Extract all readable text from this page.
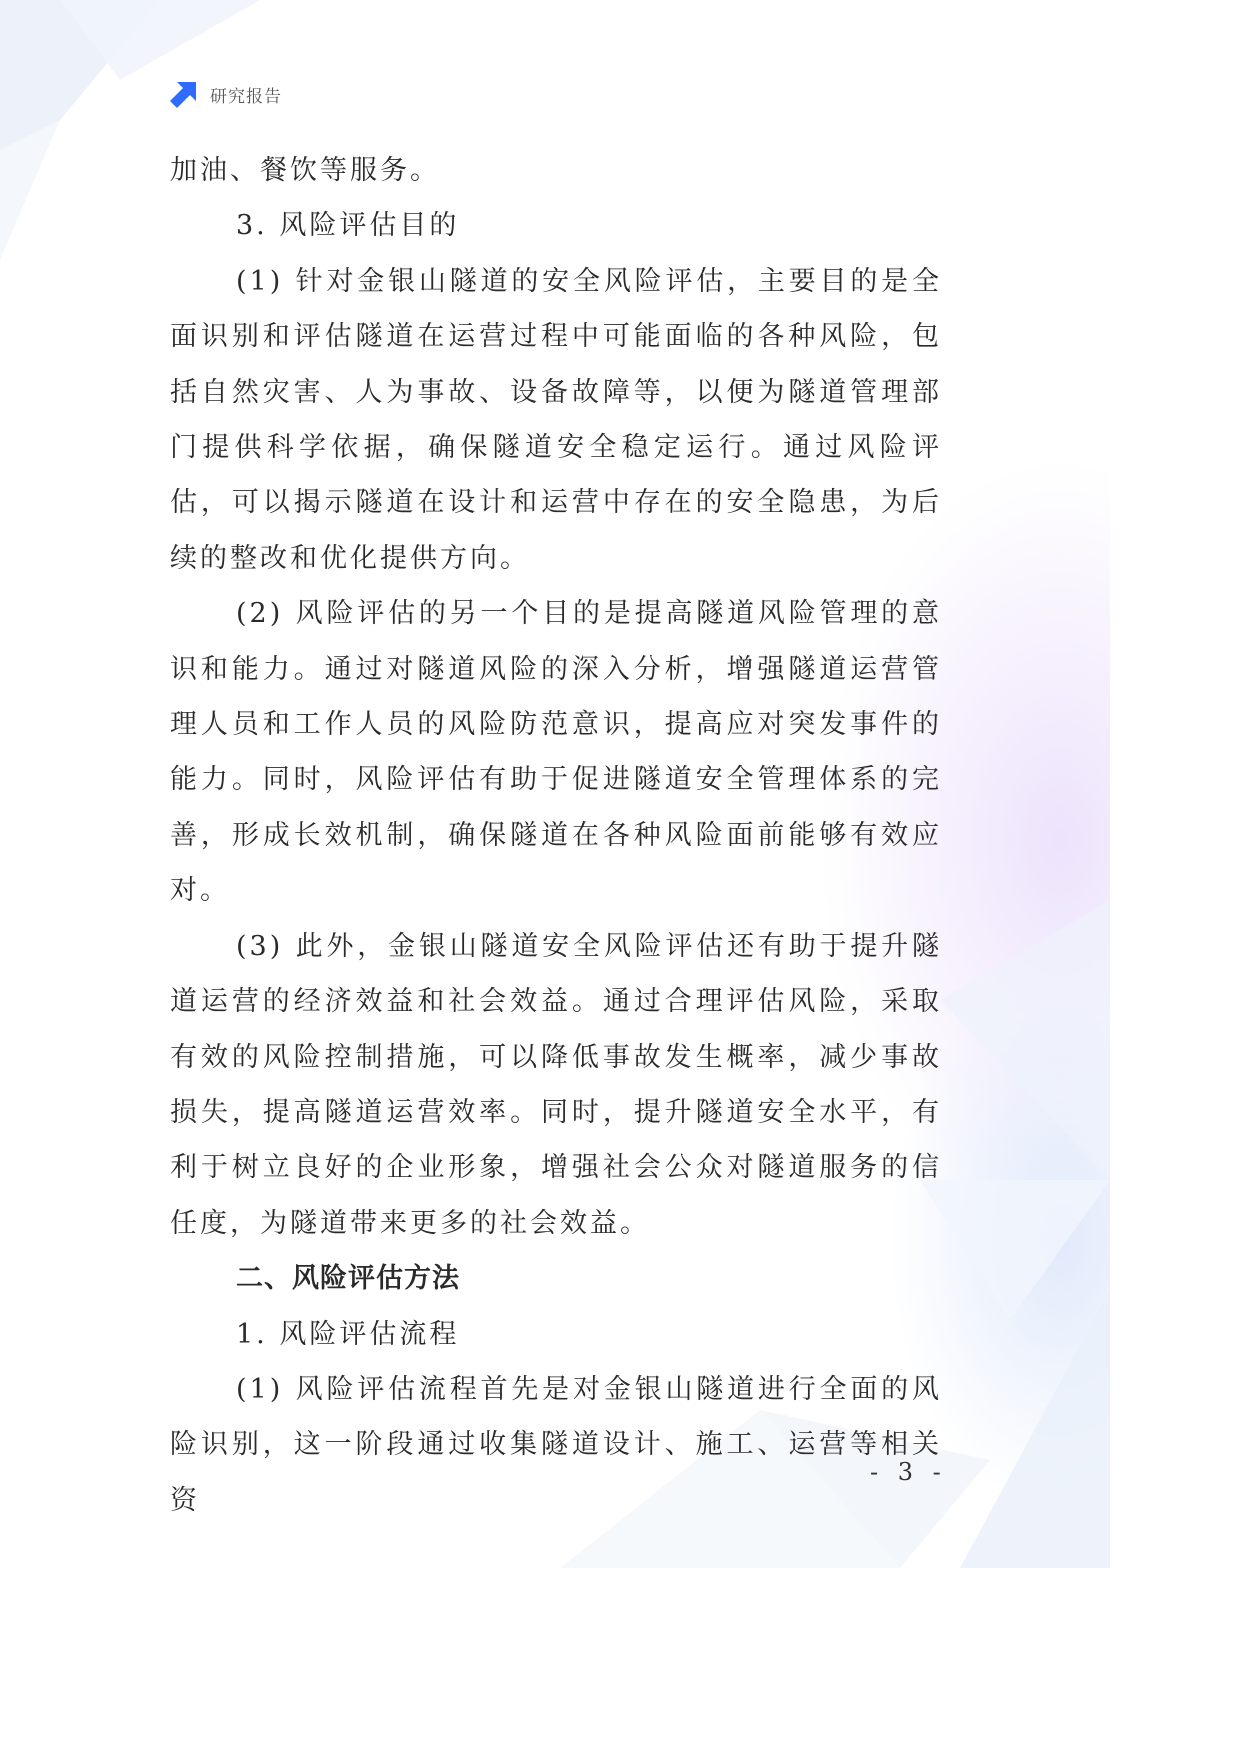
研究报告

加油、餐饮等服务。

3. 风险评估目的

(1) 针对金银山隧道的安全风险评估，主要目的是全面识别和评估隧道在运营过程中可能面临的各种风险，包括自然灾害、人为事故、设备故障等，以便为隧道管理部门提供科学依据，确保隧道安全稳定运行。通过风险评估，可以揭示隧道在设计和运营中存在的安全隐患，为后续的整改和优化提供方向。

(2) 风险评估的另一个目的是提高隧道风险管理的意识和能力。通过对隧道风险的深入分析，增强隧道运营管理人员和工作人员的风险防范意识，提高应对突发事件的能力。同时，风险评估有助于促进隧道安全管理体系的完善，形成长效机制，确保隧道在各种风险面前能够有效应对。

(3) 此外，金银山隧道安全风险评估还有助于提升隧道运营的经济效益和社会效益。通过合理评估风险，采取有效的风险控制措施，可以降低事故发生概率，减少事故损失，提高隧道运营效率。同时，提升隧道安全水平，有利于树立良好的企业形象，增强社会公众对隧道服务的信任度，为隧道带来更多的社会效益。

二、风险评估方法

1. 风险评估流程

(1) 风险评估流程首先是对金银山隧道进行全面的风险识别，这一阶段通过收集隧道设计、施工、运营等相关资

- 3 -
